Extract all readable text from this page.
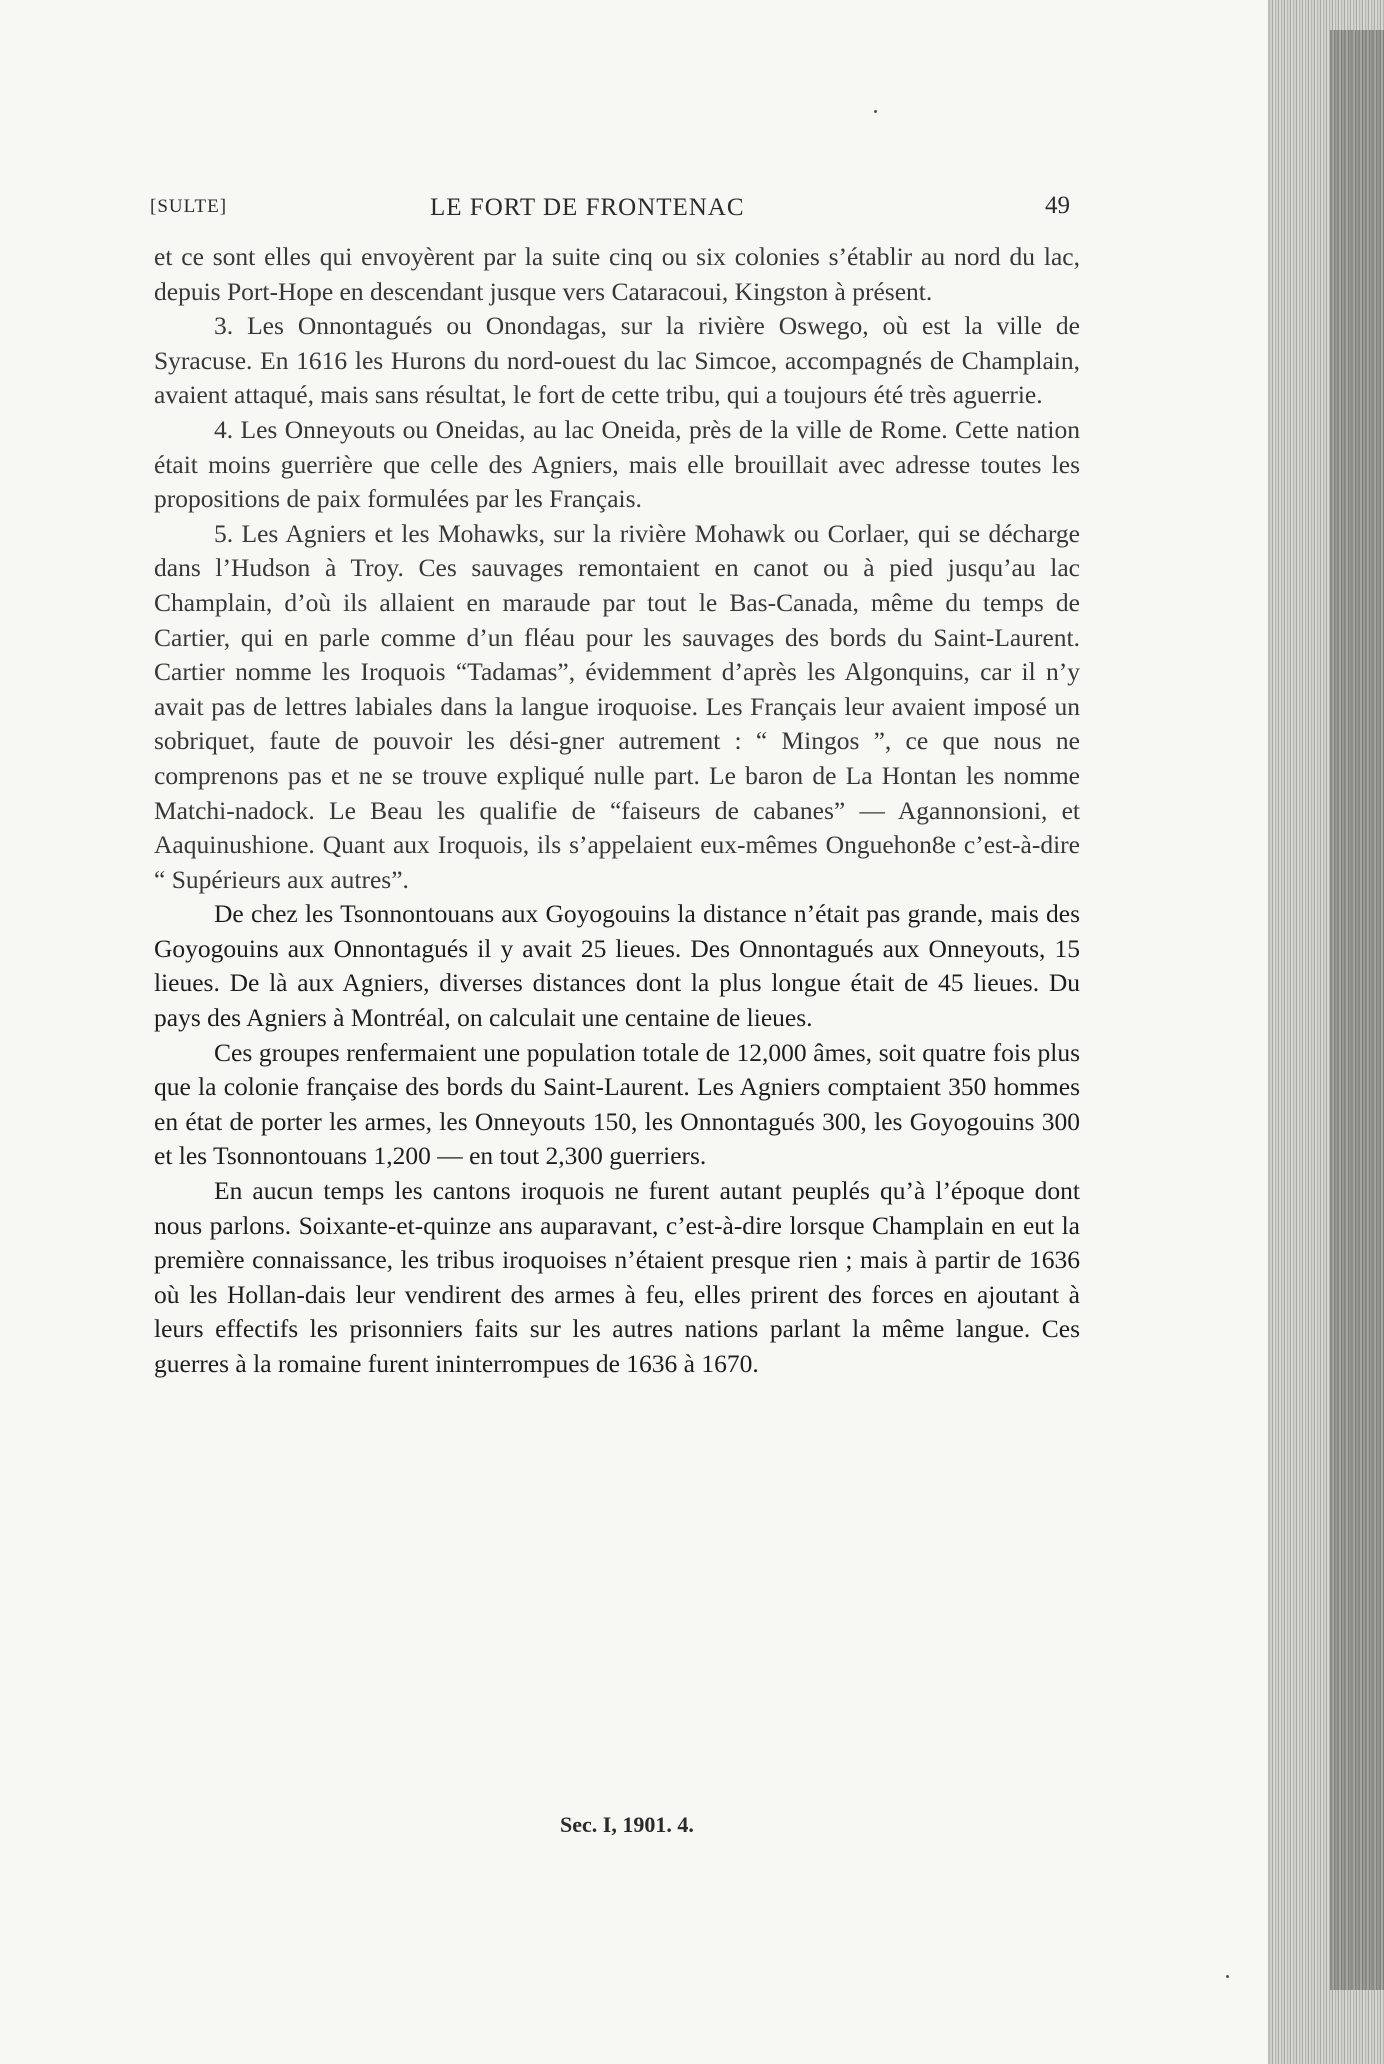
[SULTE]	LE FORT DE FRONTENAC	49

et ce sont elles qui envoyèrent par la suite cinq ou six colonies s’établir au nord du lac, depuis Port-Hope en descendant jusque vers Cataracoui, Kingston à présent.

3. Les Onnontagués ou Onondagas, sur la rivière Oswego, où est la ville de Syracuse. En 1616 les Hurons du nord-ouest du lac Simcoe, accompagnés de Champlain, avaient attaqué, mais sans résultat, le fort de cette tribu, qui a toujours été très aguerrie.

4. Les Onneyouts ou Oneidas, au lac Oneida, près de la ville de Rome. Cette nation était moins guerrière que celle des Agniers, mais elle brouillait avec adresse toutes les propositions de paix formulées par les Français.

5. Les Agniers et les Mohawks, sur la rivière Mohawk ou Corlaer, qui se décharge dans l’Hudson à Troy. Ces sauvages remontaient en canot ou à pied jusqu’au lac Champlain, d’où ils allaient en maraude par tout le Bas-Canada, même du temps de Cartier, qui en parle comme d’un fléau pour les sauvages des bords du Saint-Laurent. Cartier nomme les Iroquois “Tadamas”, évidemment d’après les Algonquins, car il n’y avait pas de lettres labiales dans la langue iroquoise. Les Français leur avaient imposé un sobriquet, faute de pouvoir les dési-gner autrement : “ Mingos ”, ce que nous ne comprenons pas et ne se trouve expliqué nulle part. Le baron de La Hontan les nomme Matchi-nadock. Le Beau les qualifie de “faiseurs de cabanes” — Agannonsioni, et Aaquinushione. Quant aux Iroquois, ils s’appelaient eux-mêmes Onguehon8e c’est-à-dire “ Supérieurs aux autres”.

De chez les Tsonnontouans aux Goyogouins la distance n’était pas grande, mais des Goyogouins aux Onnontagués il y avait 25 lieues. Des Onnontagués aux Onneyouts, 15 lieues. De là aux Agniers, diverses distances dont la plus longue était de 45 lieues. Du pays des Agniers à Montréal, on calculait une centaine de lieues.

Ces groupes renfermaient une population totale de 12,000 âmes, soit quatre fois plus que la colonie française des bords du Saint-Laurent. Les Agniers comptaient 350 hommes en état de porter les armes, les Onneyouts 150, les Onnontagués 300, les Goyogouins 300 et les Tsonnontouans 1,200 — en tout 2,300 guerriers.

En aucun temps les cantons iroquois ne furent autant peuplés qu’à l’époque dont nous parlons. Soixante-et-quinze ans auparavant, c’est-à-dire lorsque Champlain en eut la première connaissance, les tribus iroquoises n’étaient presque rien ; mais à partir de 1636 où les Hollan-dais leur vendirent des armes à feu, elles prirent des forces en ajoutant à leurs effectifs les prisonniers faits sur les autres nations parlant la même langue. Ces guerres à la romaine furent ininterrompues de 1636 à 1670.

Sec. I, 1901. 4.
